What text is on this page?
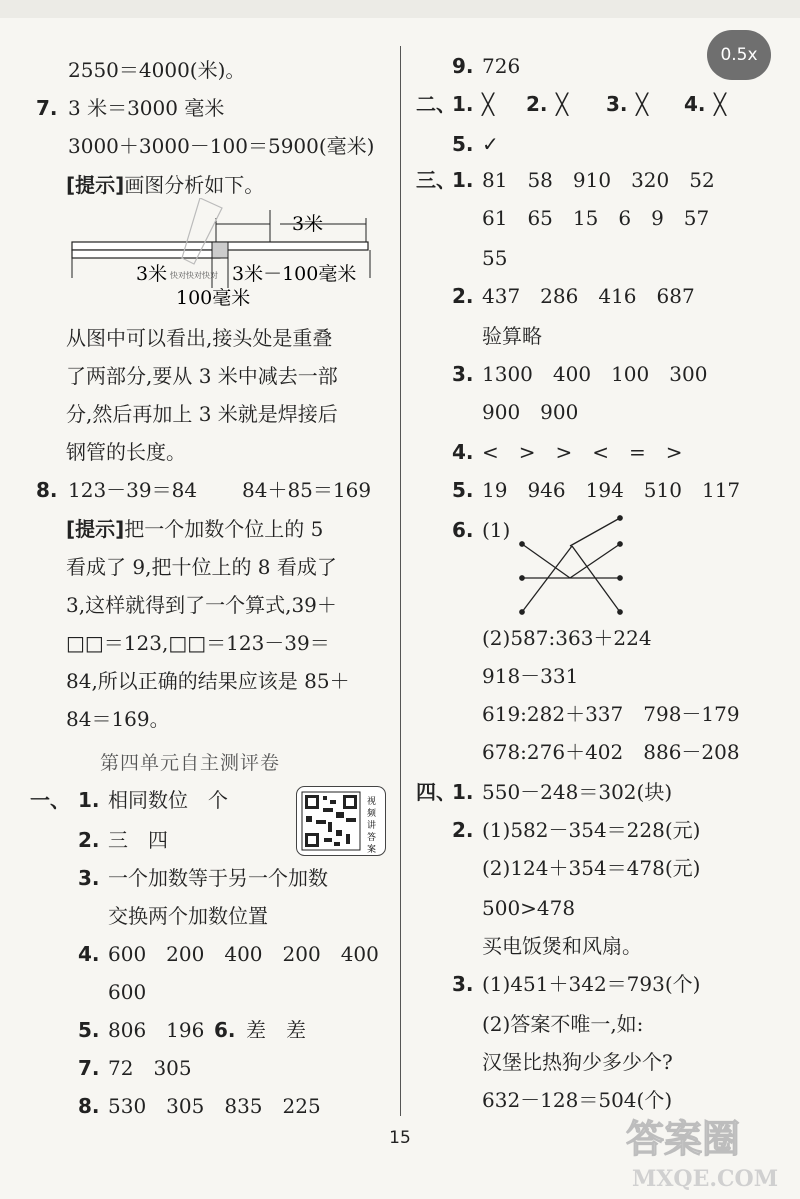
0.5x
2550＝4000(米)。
7. 3 米＝3000 毫米
3000＋3000－100＝5900(毫米)
[提示]画图分析如下。
3米
3米	3米－100毫米
100毫米
快对快对快对
从图中可以看出,接头处是重叠
了两部分,要从 3 米中减去一部
分,然后再加上 3 米就是焊接后
钢管的长度。
8. 123－39＝84 84＋85＝169
[提示]把一个加数个位上的 5
看成了 9,把十位上的 8 看成了
3,这样就得到了一个算式,39＋
□□＝123,□□＝123－39＝
84,所以正确的结果应该是 85＋
84＝169。
第四单元自主测评卷
一、 1. 相同数位　个	视
频
讲
答
案
2. 三　四
3. 一个加数等于另一个加数
交换两个加数位置
4. 600　200　400　200　400
600
5. 806　196 6. 差　差
7. 72　305
8. 530　305　835　225
9. 726
二、
1. ╳ 2. ╳ 3. ╳ 4. ╳
5. ✓
三、
1. 81　58　910　320　52
61　65　15　6　9　57
55
2. 437　286　416　687
验算略
3. 1300　400　100　300
900　900
4. <　>　>　<　=　>
5. 19　946　194　510　117
6. (1)
(2)587:363＋224
918－331
619:282＋337　798－179
678:276＋402　886－208
四、
1. 550－248＝302(块)
2. (1)582－354＝228(元)
(2)124＋354＝478(元)
500>478
买电饭煲和风扇。
3. (1)451＋342＝793(个)
(2)答案不唯一,如:
汉堡比热狗少多少个?
632－128＝504(个)
15	答案圈
MXQE.COM
